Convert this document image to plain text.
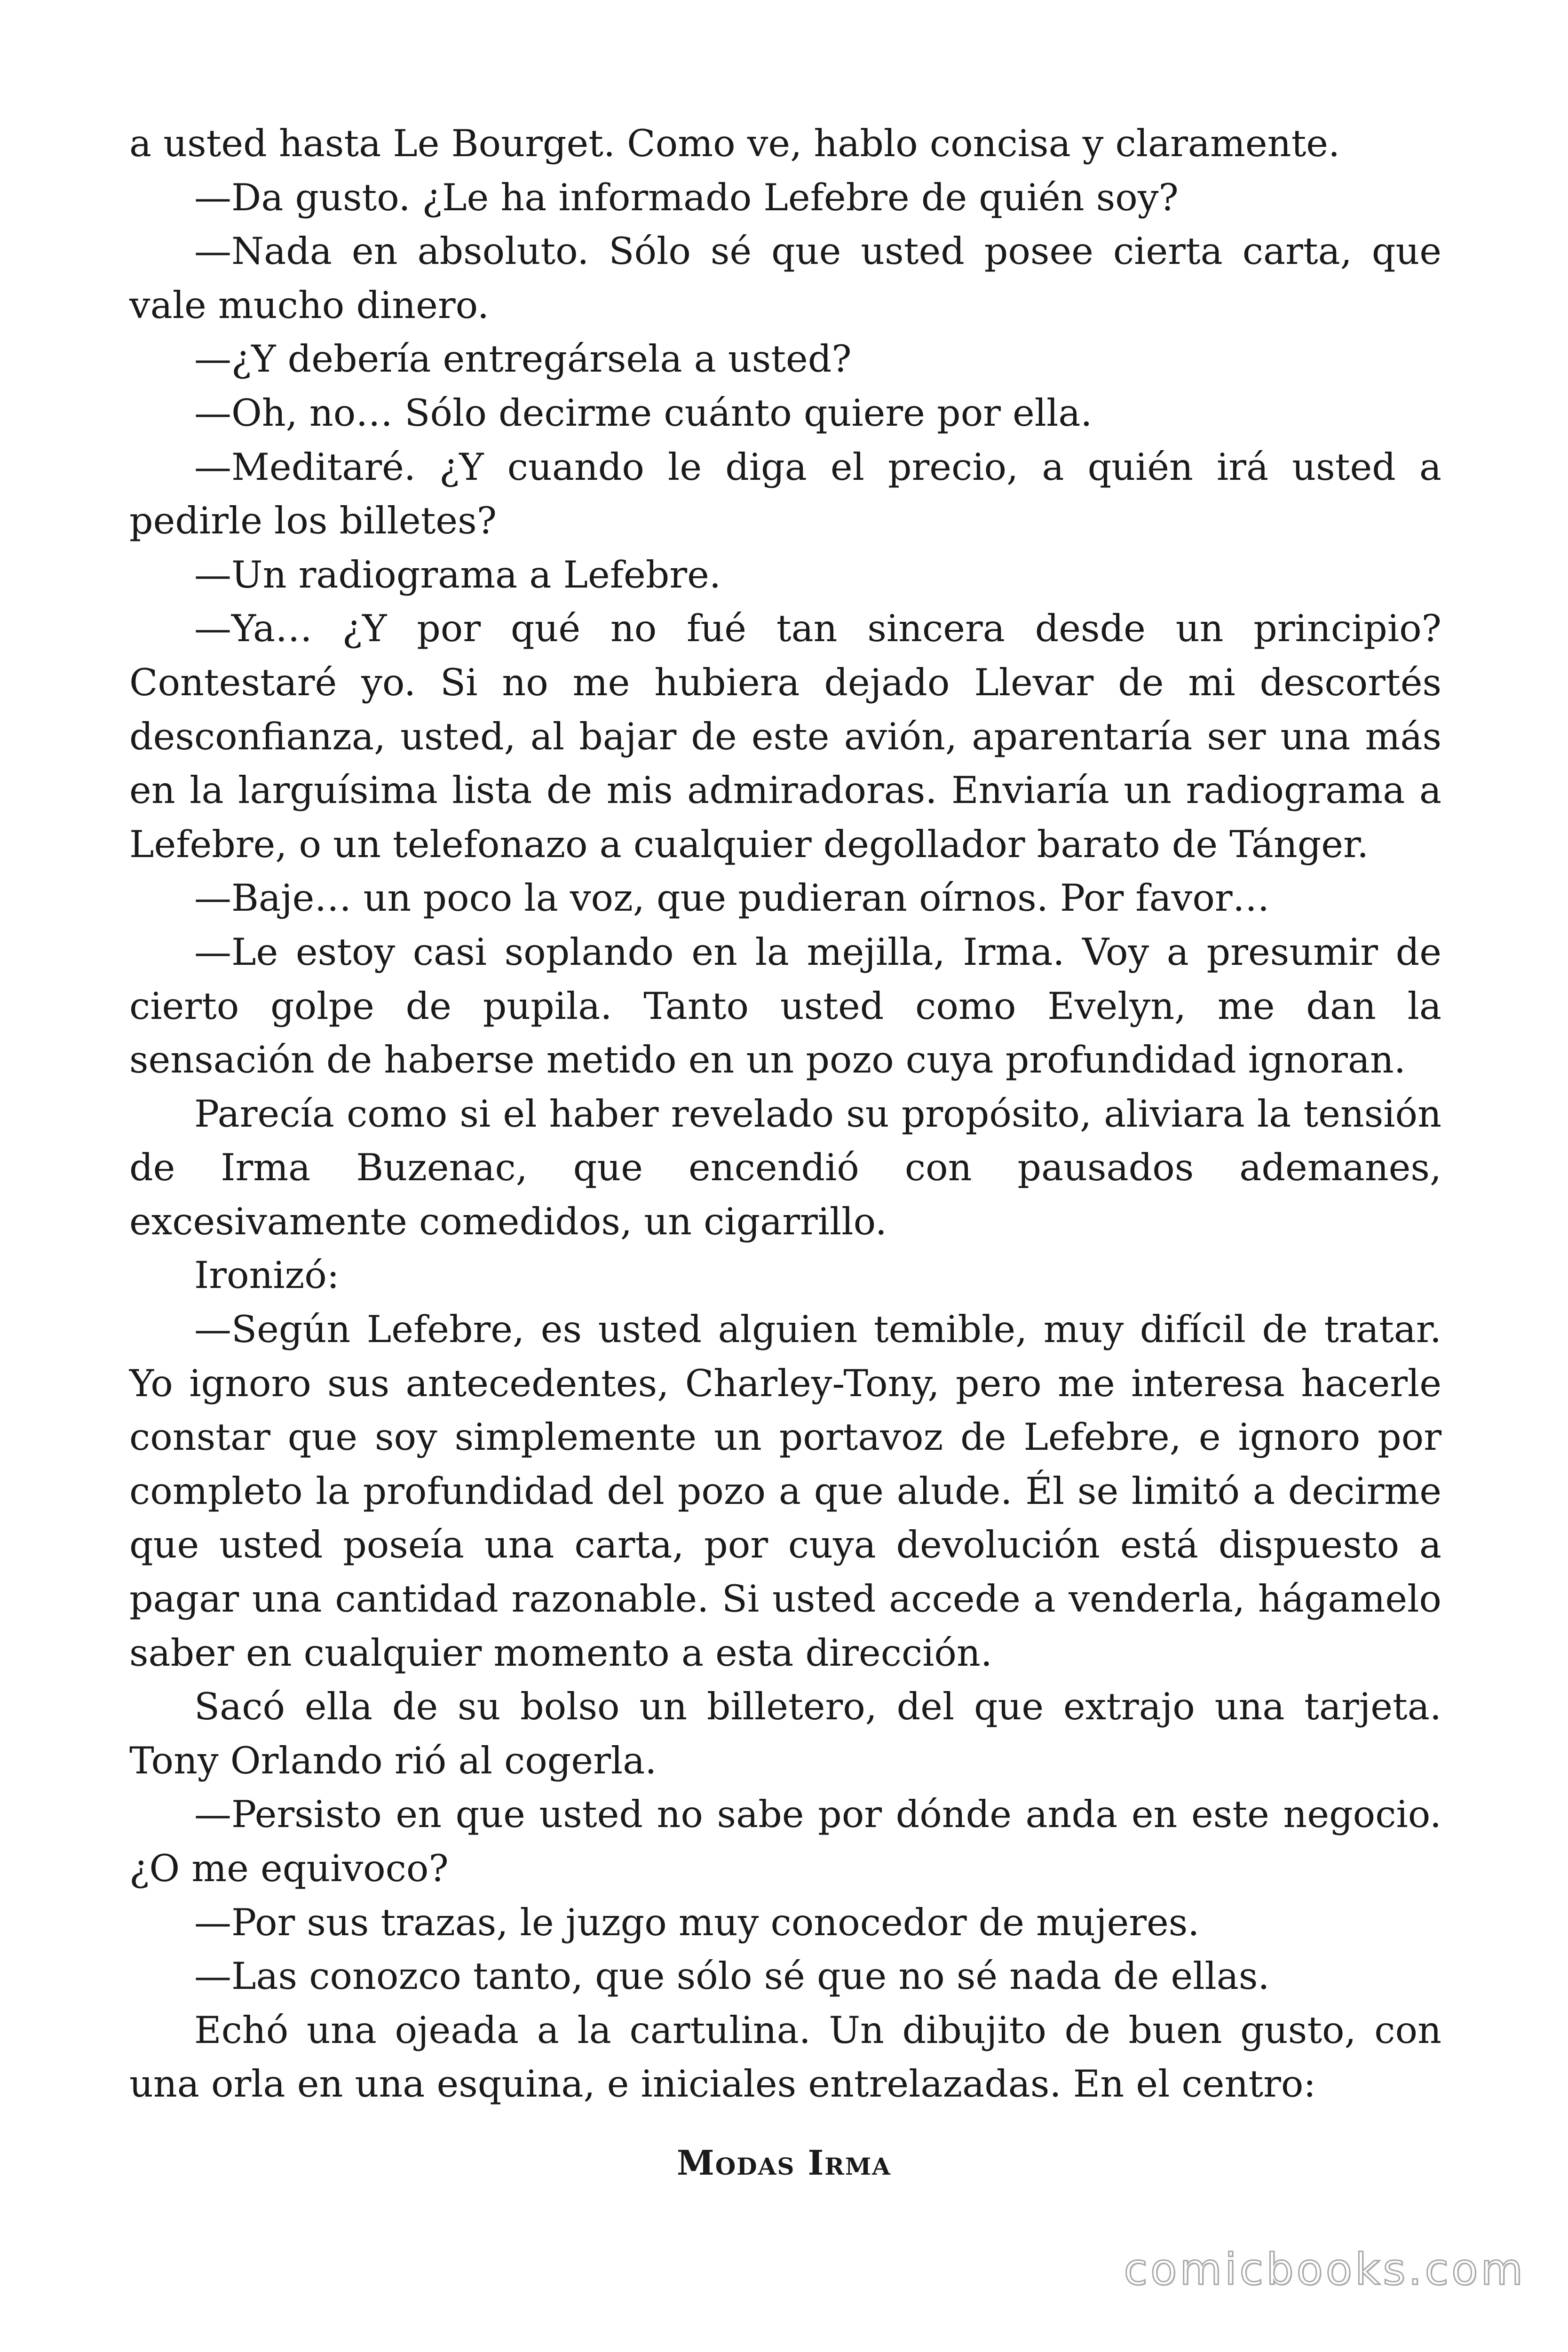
a usted hasta Le Bourget. Como ve, hablo concisa y claramente.

—Da gusto. ¿Le ha informado Lefebre de quién soy?

—Nada en absoluto. Sólo sé que usted posee cierta carta, que vale mucho dinero.

—¿Y debería entregársela a usted?

—Oh, no… Sólo decirme cuánto quiere por ella.

—Meditaré. ¿Y cuando le diga el precio, a quién irá usted a pedirle los billetes?

—Un radiograma a Lefebre.

—Ya… ¿Y por qué no fué tan sincera desde un principio? Contestaré yo. Si no me hubiera dejado Llevar de mi descortés desconfianza, usted, al bajar de este avión, aparentaría ser una más en la larguísima lista de mis admiradoras. Enviaría un radiograma a Lefebre, o un telefonazo a cualquier degollador barato de Tánger.

—Baje… un poco la voz, que pudieran oírnos. Por favor…

—Le estoy casi soplando en la mejilla, Irma. Voy a presumir de cierto golpe de pupila. Tanto usted como Evelyn, me dan la sensación de haberse metido en un pozo cuya profundidad ignoran.

Parecía como si el haber revelado su propósito, aliviara la tensión de Irma Buzenac, que encendió con pausados ademanes, excesivamente comedidos, un cigarrillo.

Ironizó:

—Según Lefebre, es usted alguien temible, muy difícil de tratar. Yo ignoro sus antecedentes, Charley-Tony, pero me interesa hacerle constar que soy simplemente un portavoz de Lefebre, e ignoro por completo la profundidad del pozo a que alude. Él se limitó a decirme que usted poseía una carta, por cuya devolución está dispuesto a pagar una cantidad razonable. Si usted accede a venderla, hágamelo saber en cualquier momento a esta dirección.

Sacó ella de su bolso un billetero, del que extrajo una tarjeta. Tony Orlando rió al cogerla.

—Persisto en que usted no sabe por dónde anda en este negocio. ¿O me equivoco?

—Por sus trazas, le juzgo muy conocedor de mujeres.

—Las conozco tanto, que sólo sé que no sé nada de ellas.

Echó una ojeada a la cartulina. Un dibujito de buen gusto, con una orla en una esquina, e iniciales entrelazadas. En el centro:

Modas Irma
comicbooks.com
